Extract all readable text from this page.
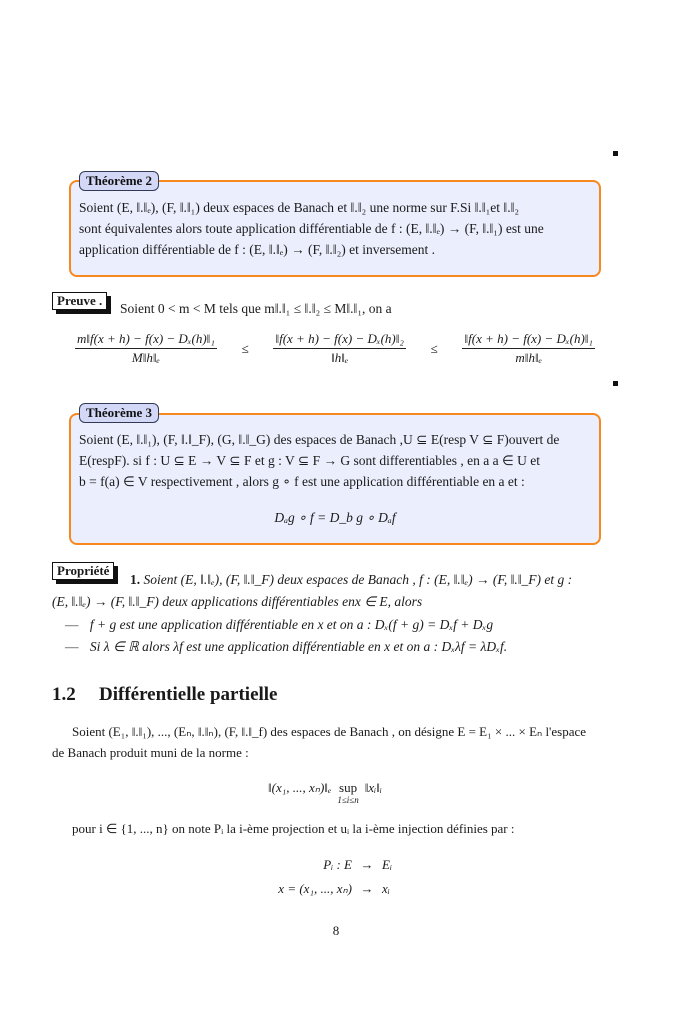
Théorème 2
Soient (E, ‖.‖ₑ), (F, ‖.‖₁) deux espaces de Banach et ‖.‖₂ une norme sur F.Si ‖.‖₁et ‖.‖₂
sont équivalentes alors toute application différentiable de f : (E, ‖.‖ₑ) → (F, ‖.‖₁) est une
application différentiable de f : (E, ‖.‖ₑ) → (F, ‖.‖₂) et inversement .
Preuve .
Soient 0 < m < M tels que m‖.‖₁ ≤ ‖.‖₂ ≤ M‖.‖₁, on a
$\frac{\text{m‖f(x + h) − f(x) − Dₓ(h)‖₁}}{\text{M‖h‖ₑ}} \le \frac{\text{‖f(x + h) − f(x) − Dₓ(h)‖₂}}{\text{‖h‖ₑ}} \le \frac{\text{‖f(x + h) − f(x) − Dₓ(h)‖₁}}{\text{m‖h‖ₑ}}$
Théorème 3
Soient (E, ‖.‖₁), (F, ‖.‖_F), (G, ‖.‖_G) des espaces de Banach ,U ⊆ E(resp V ⊆ F)ouvert de
E(respF). si f : U ⊆ E → V ⊆ F et g : V ⊆ F → G sont differentiables , en a a ∈ U et
b = f(a) ∈ V respectivement , alors g ∘ f est une application différentiable en a et :
Dₐg ∘ f = D_b g ∘ Dₐf
Propriété
1. Soient (E, ‖.‖ₑ), (F, ‖.‖_F) deux espaces de Banach , f : (E, ‖.‖ₑ) → (F, ‖.‖_F) et g :
(E, ‖.‖ₑ) → (F, ‖.‖_F) deux applications différentiables enx ∈ E, alors
— f + g est une application différentiable en x et on a : Dₓ(f + g) = Dₓf + Dₓg
— Si λ ∈ ℝ alors λf est une application différentiable en x et on a : Dₓλf = λDₓf.
1.2 Différentielle partielle
Soient (E₁, ‖.‖₁), ..., (Eₙ, ‖.‖ₙ), (F, ‖.‖_f) des espaces de Banach , on désigne E = E₁ × ... × Eₙ l'espace
de Banach produit muni de la norme :
‖(x₁, ..., xₙ)‖ₑ sup
1≤i≤n
‖xᵢ‖ᵢ
pour i ∈ {1, ..., n} on note Pᵢ la i-ème projection et uᵢ la i-ème injection définies par :
Pᵢ : E → Eᵢ
x = (x₁, ..., xₙ) → xᵢ
8
